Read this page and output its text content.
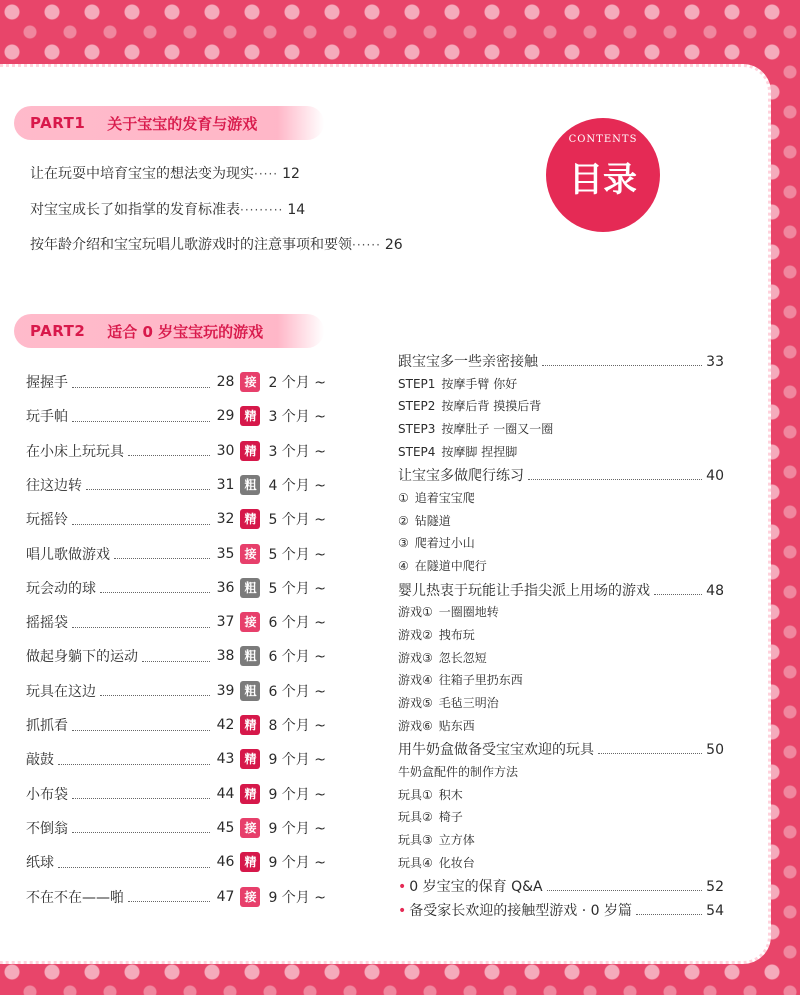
CONTENTS
目录
PART1 关于宝宝的发育与游戏
让在玩耍中培育宝宝的想法变为现实 ····· 12
对宝宝成长了如指掌的发育标准表 ········· 14
按年龄介绍和宝宝玩唱儿歌游戏时的注意事项和要领 ······ 26
PART2 适合 0 岁宝宝玩的游戏
握握手	28 接 2 个月 ~
玩手帕	29 精 3 个月 ~
在小床上玩玩具	30 精 3 个月 ~
往这边转	31 粗 4 个月 ~
玩摇铃	32 精 5 个月 ~
唱儿歌做游戏	35 接 5 个月 ~
玩会动的球	36 粗 5 个月 ~
摇摇袋	37 接 6 个月 ~
做起身躺下的运动	38 粗 6 个月 ~
玩具在这边	39 粗 6 个月 ~
抓抓看	42 精 8 个月 ~
敲鼓	43 精 9 个月 ~
小布袋	44 精 9 个月 ~
不倒翁	45 接 9 个月 ~
纸球	46 精 9 个月 ~
不在不在——啪	47 接 9 个月 ~
跟宝宝多一些亲密接触	33
STEP1 按摩手臂 你好
STEP2 按摩后背 摸摸后背
STEP3 按摩肚子 一圈又一圈
STEP4 按摩脚 捏捏脚
让宝宝多做爬行练习	40
① 追着宝宝爬
② 钻隧道
③ 爬着过小山
④ 在隧道中爬行
婴儿热衷于玩能让手指尖派上用场的游戏	48
游戏① 一圈圈地转
游戏② 拽布玩
游戏③ 忽长忽短
游戏④ 往箱子里扔东西
游戏⑤ 毛毡三明治
游戏⑥ 贴东西
用牛奶盒做备受宝宝欢迎的玩具	50
牛奶盒配件的制作方法
玩具① 积木
玩具② 椅子
玩具③ 立方体
玩具④ 化妆台
• 0 岁宝宝的保育 Q&A	52
• 备受家长欢迎的接触型游戏 · 0 岁篇	54
